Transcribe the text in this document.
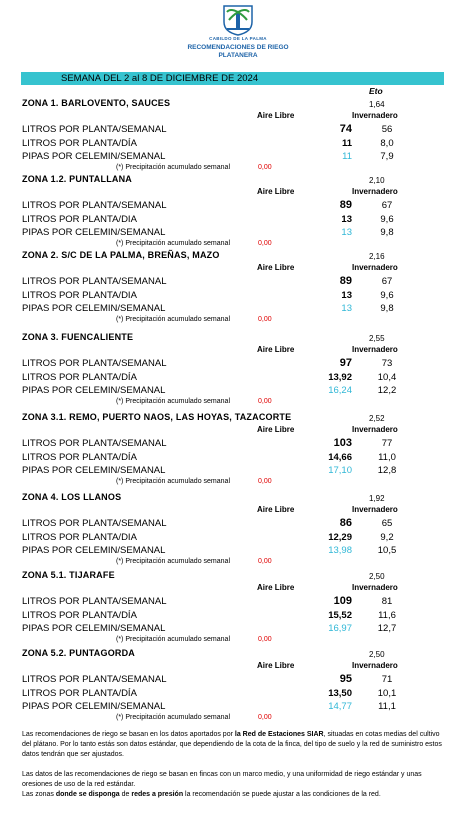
CABILDO DE LA PALMA
RECOMENDACIONES DE RIEGO
PLATANERA
SEMANA DEL 2 al 8 DE DICIEMBRE DE 2024
Eto
ZONA 1. BARLOVENTO, SAUCES	1,64
Aire Libre	Invernadero
LITROS POR PLANTA/SEMANAL	74	56
LITROS POR PLANTA/DÍA	11	8,0
PIPAS POR CELEMIN/SEMANAL	11	7,9
(*) Precipitación acumulado semanal	0,00
ZONA 1.2. PUNTALLANA	2,10
Aire Libre	Invernadero
LITROS POR PLANTA/SEMANAL	89	67
LITROS POR PLANTA/DIA	13	9,6
PIPAS POR CELEMIN/SEMANAL	13	9,8
(*) Precipitación acumulado semanal	0,00
ZONA 2. S/C DE LA PALMA, BREÑAS, MAZO	2,16
Aire Libre	Invernadero
LITROS POR PLANTA/SEMANAL	89	67
LITROS POR PLANTA/DIA	13	9,6
PIPAS POR CELEMIN/SEMANAL	13	9,8
(*) Precipitación acumulado semanal	0,00
ZONA 3. FUENCALIENTE	2,55
Aire Libre	Invernadero
LITROS POR PLANTA/SEMANAL	97	73
LITROS POR PLANTA/DÍA	13,92	10,4
PIPAS POR CELEMIN/SEMANAL	16,24	12,2
(*) Precipitación acumulado semanal	0,00
ZONA 3.1. REMO, PUERTO NAOS, LAS HOYAS, TAZACORTE	2,52
Aire Libre	Invernadero
LITROS POR PLANTA/SEMANAL	103	77
LITROS POR PLANTA/DÍA	14,66	11,0
PIPAS POR CELEMIN/SEMANAL	17,10	12,8
(*) Precipitación acumulado semanal	0,00
ZONA 4. LOS LLANOS	1,92
Aire Libre	Invernadero
LITROS POR PLANTA/SEMANAL	86	65
LITROS POR PLANTA/DIA	12,29	9,2
PIPAS POR CELEMIN/SEMANAL	13,98	10,5
(*) Precipitación acumulado semanal	0,00
ZONA 5.1. TIJARAFE	2,50
Aire Libre	Invernadero
LITROS POR PLANTA/SEMANAL	109	81
LITROS POR PLANTA/DÍA	15,52	11,6
PIPAS POR CELEMIN/SEMANAL	16,97	12,7
(*) Precipitación acumulado semanal	0,00
ZONA 5.2. PUNTAGORDA	2,50
Aire Libre	Invernadero
LITROS POR PLANTA/SEMANAL	95	71
LITROS POR PLANTA/DÍA	13,50	10,1
PIPAS POR CELEMIN/SEMANAL	14,77	11,1
(*) Precipitación acumulado semanal	0,00
Las recomendaciones de riego se basan en los datos aportados por la Red de Estaciones SIAR, situadas en cotas medias del cultivo del plátano. Por lo tanto estás son datos estándar, que dependiendo de la cota de la finca, del tipo de suelo y la red de suministro estos datos tendrán que ser ajustados.
Las datos de las recomendaciones de riego se basan en fincas con un marco medio, y una uniformidad de riego estándar y unas oresiones de uso de la red estándar.
Las zonas donde se disponga de redes a presión la recomendación se puede ajustar a las condiciones de la red.
